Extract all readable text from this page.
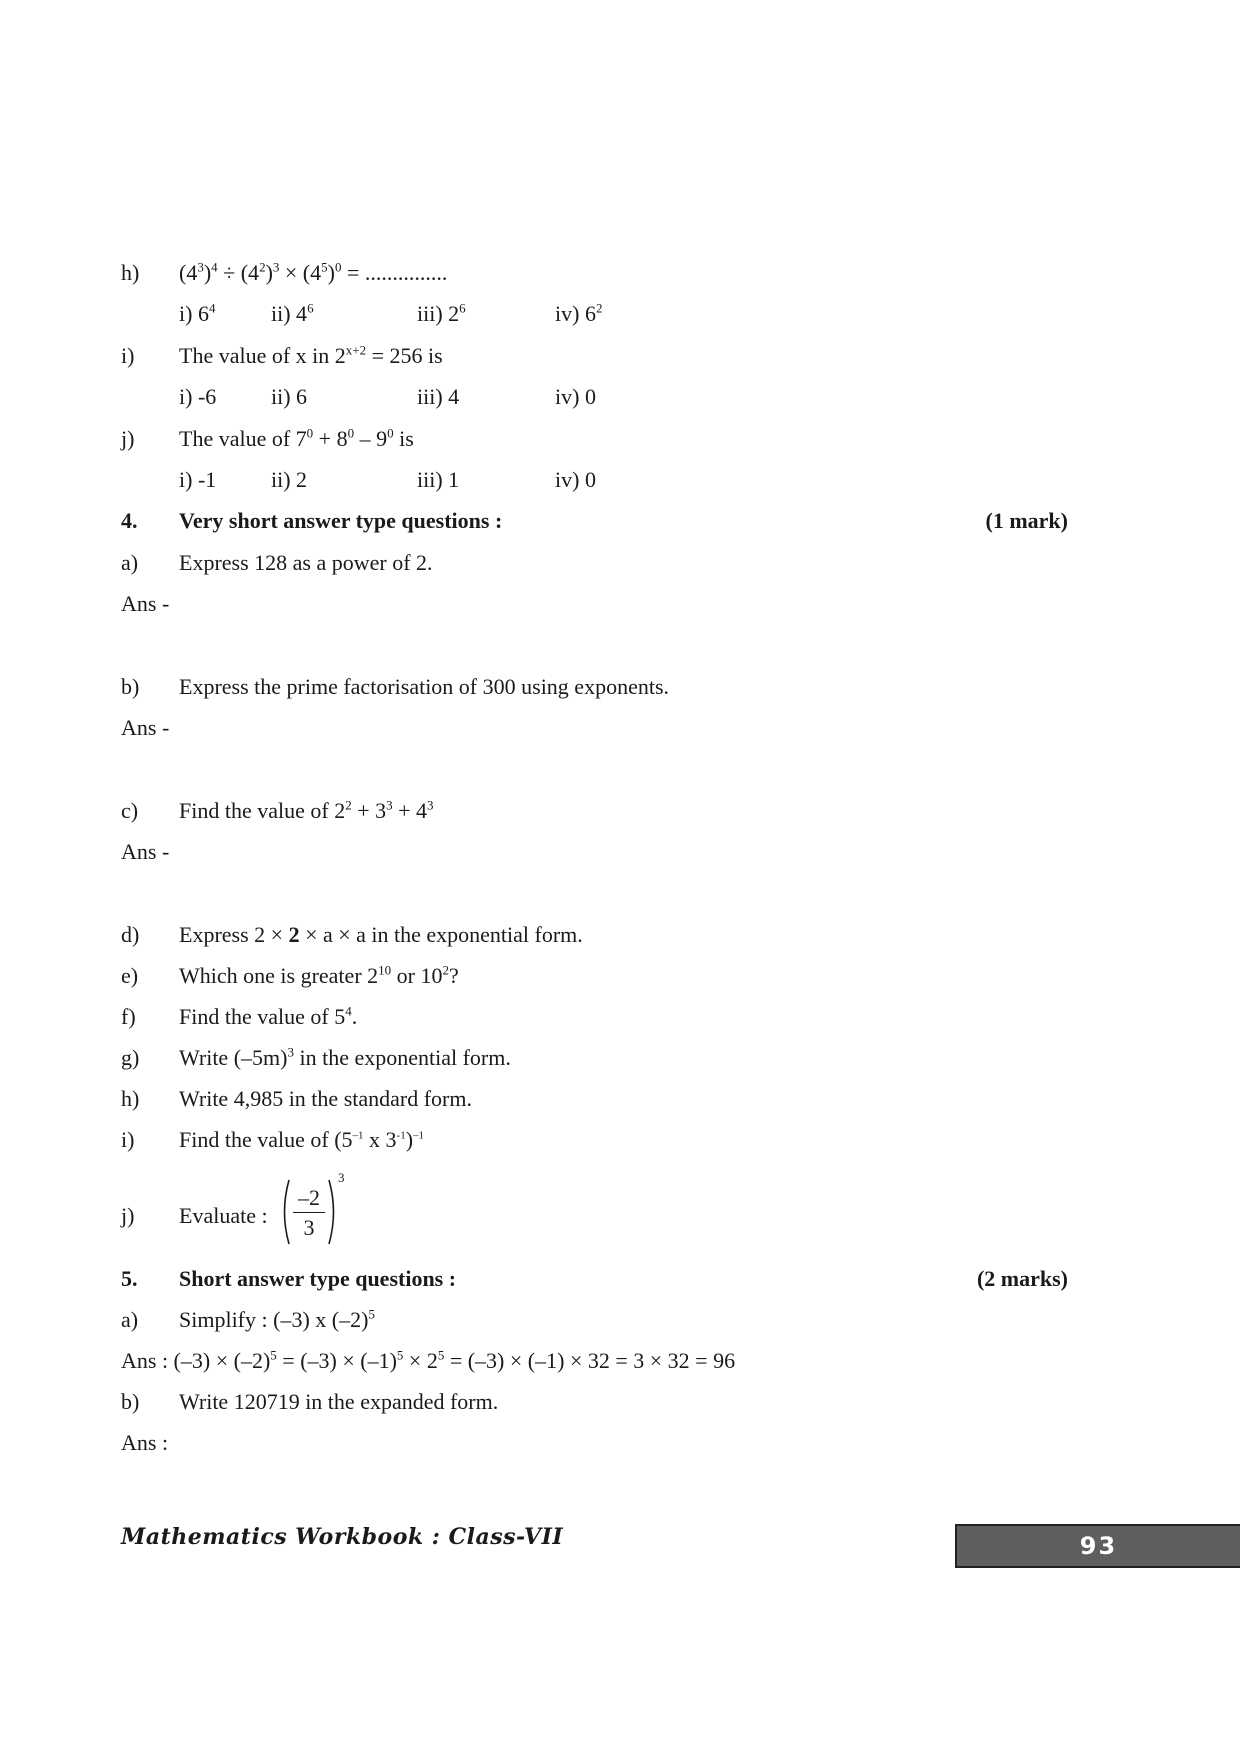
h) $(4^3)^4 \div (4^2)^3 \times (4^5)^0$ = ...............
i) $6^4$	ii) $4^6$	iii) $2^6$	iv) $6^2$
i) The value of x in $2^{x+2} = 256$ is
i) -6 ii) 6	iii) 4	iv) 0
j) The value of $7^0 + 8^0 - 9^0$ is
i) -1 ii) 2	iii) 1	iv) 0
4. Very short answer type questions :	(1 mark)
a) Express 128 as a power of 2.
Ans -
b) Express the prime factorisation of 300 using exponents.
Ans -
c) Find the value of $2^2 + 3^3 + 4^3$
Ans -
d) Express 2 × 2 × a × a in the exponential form.
e) Which one is greater $2^{10}$ or $10^2$?
f) Find the value of $5^4$.
g) Write $(-5m)^3$ in the exponential form.
h) Write 4,985 in the standard form.
i) Find the value of ($5^{-1}$ x $3^{-1})^{-1}$
j) Evaluate : $\frac{-2}{3}$
3
5. Short answer type questions :	(2 marks)
a) Simplify : (–3) x $(-2)^5$
Ans : $(-3) \times (-2)^5 = (-3) \times (-1)^5 \times 2^5 = (-3) \times (-1) \times 32 = 3 \times 32 = 96$
b) Write 120719 in the expanded form.
Ans :
Mathematics Workbook : Class-VII	93
